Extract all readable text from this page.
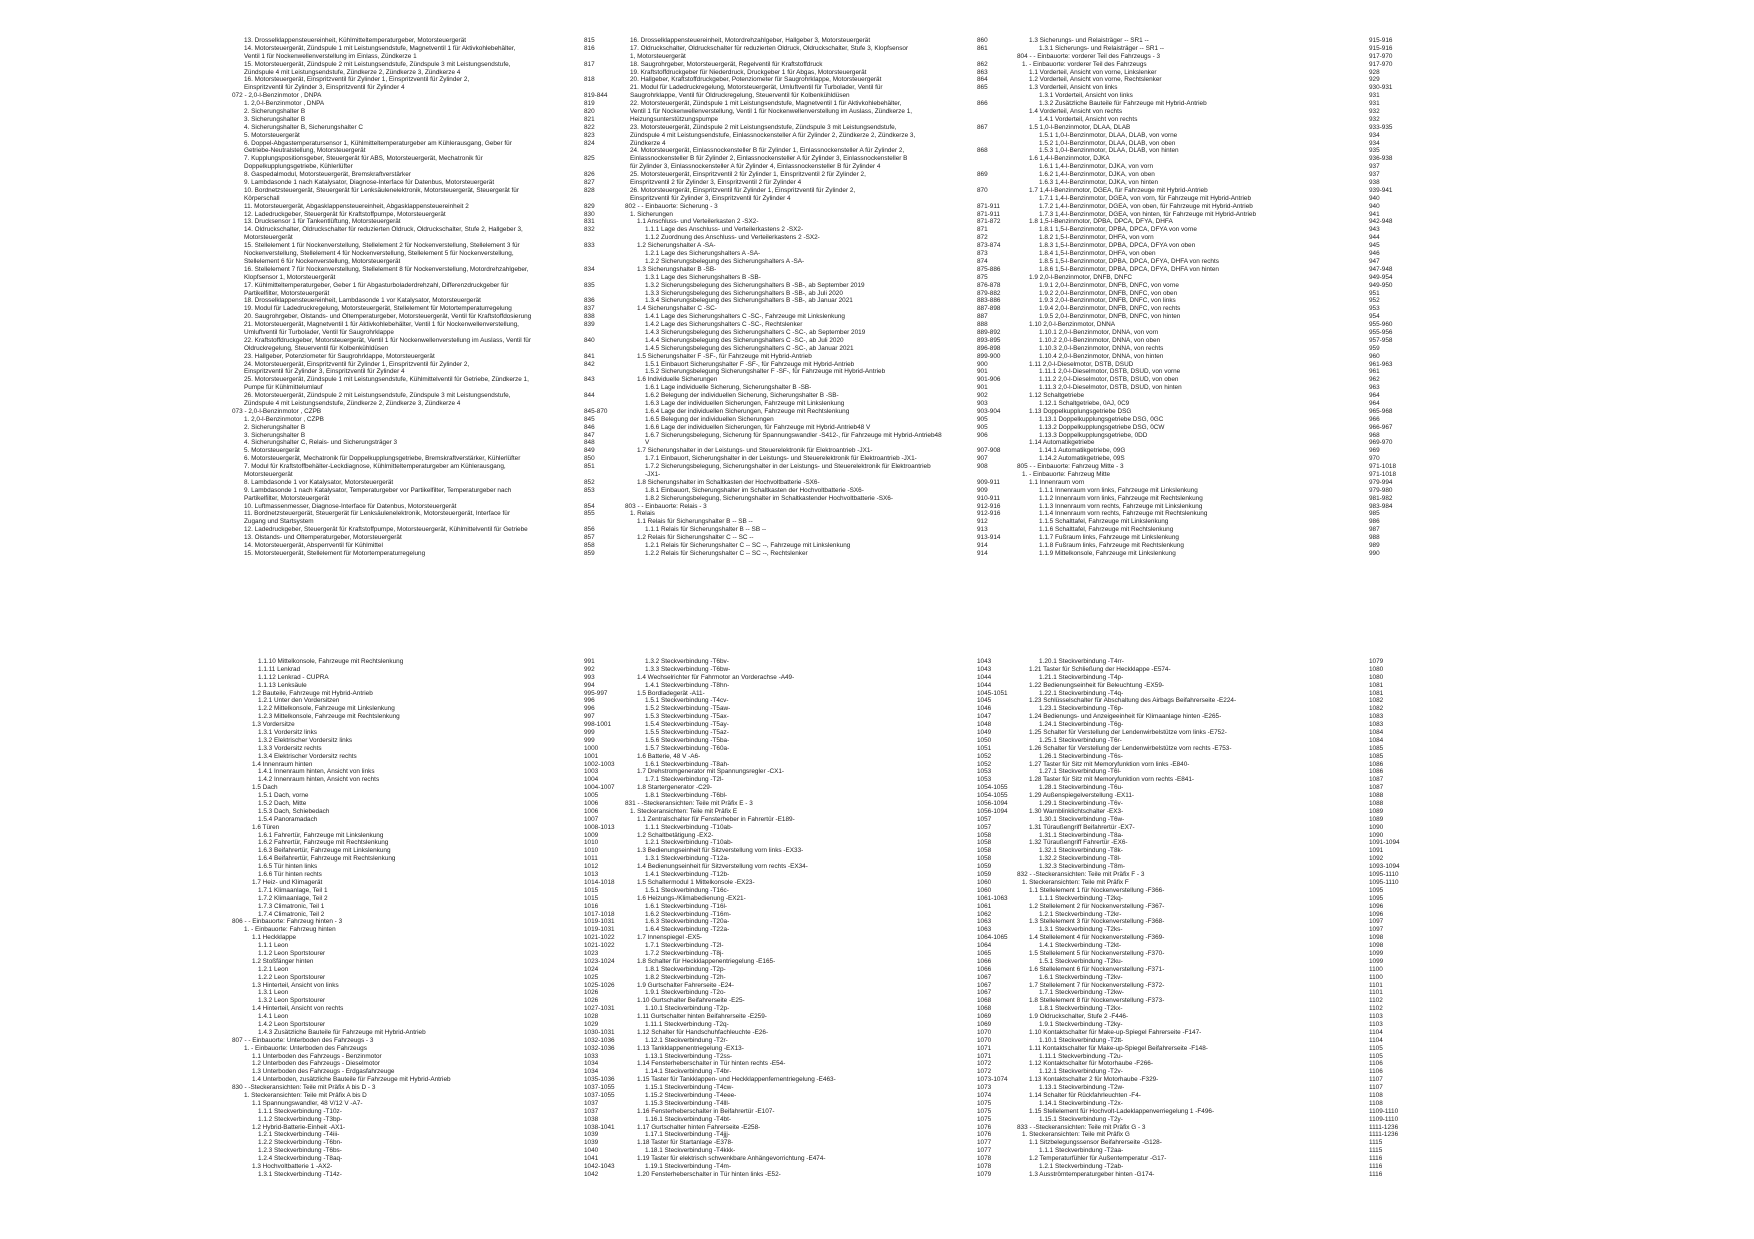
13. Drosselklappensteuereinheit, Kühlmitteltemperaturgeber, Motorsteuergerät	815
14. Motorsteuergerät, Zündspule 1 mit Leistungsendstufe, Magnetventil 1 für Aktivkohlebehälter,	816
Ventil 1 für Nockenwellenverstellung im Einlass, Zündkerze 1
15. Motorsteuergerät, Zündspule 2 mit Leistungsendstufe, Zündspule 3 mit Leistungsendstufe,	817
Zündspule 4 mit Leistungsendstufe, Zündkerze 2, Zündkerze 3, Zündkerze 4
16. Motorsteuergerät, Einspritzventil für Zylinder 1, Einspritzventil für Zylinder 2,	818
Einspritzventil für Zylinder 3, Einspritzventil für Zylinder 4
072 - 2,0-l-Benzinmotor , DNPA	819-844
1. 2,0-l-Benzinmotor , DNPA	819
2. Sicherungshalter B	820
3. Sicherungshalter B	821
4. Sicherungshalter B, Sicherungshalter C	822
5. Motorsteuergerät	823
6. Doppel-Abgastemperatursensor 1, Kühlmitteltemperaturgeber am Kühlerausgang, Geber für	824
Getriebe-Neutralstellung, Motorsteuergerät
7. Kupplungspositionsgeber, Steuergerät für ABS, Motorsteuergerät, Mechatronik für	825
Doppelkupplungsgetriebe, Kühlerlüfter
8. Gaspedalmodul, Motorsteuergerät, Bremskraftverstärker	826
9. Lambdasonde 1 nach Katalysator, Diagnose-Interface für Datenbus, Motorsteuergerät	827
10. Bordnetzsteuergerät, Steuergerät für Lenksäulenelektronik, Motorsteuergerät, Steuergerät für	828
Körperschall
11. Motorsteuergerät, Abgasklappensteuereinheit, Abgasklappensteuereinheit 2	829
12. Ladedruckgeber, Steuergerät für Kraftstoffpumpe, Motorsteuergerät	830
13. Drucksensor 1 für Tankentlüftung, Motorsteuergerät	831
14. Öldruckschalter, Öldruckschalter für reduzierten Öldruck, Öldruckschalter, Stufe 2, Hallgeber 3,	832
Motorsteuergerät
15. Stellelement 1 für Nockenverstellung, Stellelement 2 für Nockenverstellung, Stellelement 3 für	833
Nockenverstellung, Stellelement 4 für Nockenverstellung, Stellelement 5 für Nockenverstellung,
Stellelement 6 für Nockenverstellung, Motorsteuergerät
16. Stellelement 7 für Nockenverstellung, Stellelement 8 für Nockenverstellung, Motordrehzahlgeber,	834
Klopfsensor 1, Motorsteuergerät
17. Kühlmitteltemperaturgeber, Geber 1 für Abgasturboladerdrehzahl, Differenzdruckgeber für	835
Partikelfilter, Motorsteuergerät
18. Drosselklappensteuereinheit, Lambdasonde 1 vor Katalysator, Motorsteuergerät	836
19. Modul für Ladedruckregelung, Motorsteuergerät, Stellelement für Motortemperaturregelung	837
20. Saugrohrgeber, Ölstands- und Öltemperaturgeber, Motorsteuergerät, Ventil für Kraftstoffdosierung	838
21. Motorsteuergerät, Magnetventil 1 für Aktivkohlebehälter, Ventil 1 für Nockenwellenverstellung,	839
Umluftventil für Turbolader, Ventil für Saugrohrklappe
22. Kraftstoffdruckgeber, Motorsteuergerät, Ventil 1 für Nockenwellenverstellung im Auslass, Ventil für	840
Öldruckregelung, Steuerventil für Kolbenkühldüsen
23. Hallgeber, Potenziometer für Saugrohrklappe, Motorsteuergerät	841
24. Motorsteuergerät, Einspritzventil für Zylinder 1, Einspritzventil für Zylinder 2,	842
Einspritzventil für Zylinder 3, Einspritzventil für Zylinder 4
25. Motorsteuergerät, Zündspule 1 mit Leistungsendstufe, Kühlmittelventil für Getriebe, Zündkerze 1,	843
Pumpe für Kühlmittelumlauf
26. Motorsteuergerät, Zündspule 2 mit Leistungsendstufe, Zündspule 3 mit Leistungsendstufe,	844
Zündspule 4 mit Leistungsendstufe, Zündkerze 2, Zündkerze 3, Zündkerze 4
073 - 2,0-l-Benzinmotor , CZPB	845-870
1. 2,0-l-Benzinmotor , CZPB	845
2. Sicherungshalter B	846
3. Sicherungshalter B	847
4. Sicherungshalter C, Relais- und Sicherungsträger 3	848
5. Motorsteuergerät	849
6. Motorsteuergerät, Mechatronik für Doppelkupplungsgetriebe, Bremskraftverstärker, Kühlerlüfter	850
7. Modul für Kraftstoffbehälter-Leckdiagnose, Kühlmitteltemperaturgeber am Kühlerausgang,	851
Motorsteuergerät
8. Lambdasonde 1 vor Katalysator, Motorsteuergerät	852
9. Lambdasonde 1 nach Katalysator, Temperaturgeber vor Partikelfilter, Temperaturgeber nach	853
Partikelfilter, Motorsteuergerät
10. Luftmassenmesser, Diagnose-Interface für Datenbus, Motorsteuergerät	854
11. Bordnetzsteuergerät, Steuergerät für Lenksäulenelektronik, Motorsteuergerät, Interface für	855
Zugang und Startsystem
12. Ladedruckgeber, Steuergerät für Kraftstoffpumpe, Motorsteuergerät, Kühlmittelventil für Getriebe	856
13. Ölstands- und Öltemperaturgeber, Motorsteuergerät	857
14. Motorsteuergerät, Absperrventil für Kühlmittel	858
15. Motorsteuergerät, Stellelement für Motortemperaturregelung	859
16. Drosselklappensteuereinheit, Motordrehzahlgeber, Hallgeber 3, Motorsteuergerät	860
17. Öldruckschalter, Öldruckschalter für reduzierten Öldruck, Öldruckschalter, Stufe 3, Klopfsensor	861
1, Motorsteuergerät
18. Saugrohrgeber, Motorsteuergerät, Regelventil für Kraftstoffdruck	862
19. Kraftstoffdruckgeber für Niederdruck, Druckgeber 1 für Abgas, Motorsteuergerät	863
20. Hallgeber, Kraftstoffdruckgeber, Potenziometer für Saugrohrklappe, Motorsteuergerät	864
21. Modul für Ladedruckregelung, Motorsteuergerät, Umluftventil für Turbolader, Ventil für	865
Saugrohrklappe, Ventil für Öldruckregelung, Steuerventil für Kolbenkühldüsen
22. Motorsteuergerät, Zündspule 1 mit Leistungsendstufe, Magnetventil 1 für Aktivkohlebehälter,	866
Ventil 1 für Nockenwellenverstellung, Ventil 1 für Nockenwellenverstellung im Auslass, Zündkerze 1,
Heizungsunterstützungspumpe
23. Motorsteuergerät, Zündspule 2 mit Leistungsendstufe, Zündspule 3 mit Leistungsendstufe,	867
Zündspule 4 mit Leistungsendstufe, Einlassnockensteller A für Zylinder 2, Zündkerze 2, Zündkerze 3,
Zündkerze 4
24. Motorsteuergerät, Einlassnockensteller B für Zylinder 1, Einlassnockensteller A für Zylinder 2,	868
Einlassnockensteller B für Zylinder 2, Einlassnockensteller A für Zylinder 3, Einlassnockensteller B
für Zylinder 3, Einlassnockensteller A für Zylinder 4, Einlassnockensteller B für Zylinder 4
25. Motorsteuergerät, Einspritzventil 2 für Zylinder 1, Einspritzventil 2 für Zylinder 2,	869
Einspritzventil 2 für Zylinder 3, Einspritzventil 2 für Zylinder 4
26. Motorsteuergerät, Einspritzventil für Zylinder 1, Einspritzventil für Zylinder 2,	870
Einspritzventil für Zylinder 3, Einspritzventil für Zylinder 4
802 - - Einbauorte: Sicherung - 3	871-911
1. Sicherungen	871-911
1.1 Anschluss- und Verteilerkasten 2 -SX2-	871-872
1.1.1 Lage des Anschluss- und Verteilerkastens 2 -SX2-	871
1.1.2 Zuordnung des Anschluss- und Verteilerkastens 2 -SX2-	872
1.2 Sicherungshalter A -SA-	873-874
1.2.1 Lage des Sicherungshalters A -SA-	873
1.2.2 Sicherungsbelegung des Sicherungshalters A -SA-	874
1.3 Sicherungshalter B -SB-	875-886
1.3.1 Lage des Sicherungshalters B -SB-	875
1.3.2 Sicherungsbelegung des Sicherungshalters B -SB-, ab September 2019	876-878
1.3.3 Sicherungsbelegung des Sicherungshalters B -SB-, ab Juli 2020	879-882
1.3.4 Sicherungsbelegung des Sicherungshalters B -SB-, ab Januar 2021	883-886
1.4 Sicherungshalter C -SC-	887-898
1.4.1 Lage des Sicherungshalters C -SC-, Fahrzeuge mit Linkslenkung	887
1.4.2 Lage des Sicherungshalters C -SC-, Rechtslenker	888
1.4.3 Sicherungsbelegung des Sicherungshalters C -SC-, ab September 2019	889-892
1.4.4 Sicherungsbelegung des Sicherungshalters C -SC-, ab Juli 2020	893-895
1.4.5 Sicherungsbelegung des Sicherungshalters C -SC-, ab Januar 2021	896-898
1.5 Sicherungshalter F -SF-, für Fahrzeuge mit Hybrid-Antrieb	899-900
1.5.1 Einbauort Sicherungshalter F -SF-, für Fahrzeuge mit Hybrid-Antrieb	900
1.5.2 Sicherungsbelegung Sicherungshalter F -SF-, für Fahrzeuge mit Hybrid-Antrieb	901
1.6 Individuelle Sicherungen	901-906
1.6.1 Lage individuelle Sicherung, Sicherungshalter B -SB-	901
1.6.2 Belegung der individuellen Sicherung, Sicherungshalter B -SB-	902
1.6.3 Lage der individuellen Sicherungen, Fahrzeuge mit Linkslenkung	903
1.6.4 Lage der individuellen Sicherungen, Fahrzeuge mit Rechtslenkung	903-904
1.6.5 Belegung der individuellen Sicherungen	905
1.6.6 Lage der individuellen Sicherungen, für Fahrzeuge mit Hybrid-Antrieb48 V	905
1.6.7 Sicherungsbelegung, Sicherung für Spannungswandler -S412-, für Fahrzeuge mit Hybrid-Antrieb48	906
V
1.7 Sicherungshalter in der Leistungs- und Steuerelektronik für Elektroantrieb -JX1-	907-908
1.7.1 Einbauort, Sicherungshalter in der Leistungs- und Steuerelektronik für Elektroantrieb -JX1-	907
1.7.2 Sicherungsbelegung, Sicherungshalter in der Leistungs- und Steuerelektronik für Elektroantrieb	908
-JX1-
1.8 Sicherungshalter im Schaltkasten der Hochvoltbatterie -SX6-	909-911
1.8.1 Einbauort, Sicherungshalter im Schaltkasten der Hochvoltbatterie -SX6-	909
1.8.2 Sicherungsbelegung, Sicherungshalter im Schaltkastender Hochvoltbatterie -SX6-	910-911
803 - - Einbauorte: Relais - 3	912-916
1. Relais	912-916
1.1 Relais für Sicherungshalter B -- SB --	912
1.1.1 Relais für Sicherungshalter B -- SB --	913
1.2 Relais für Sicherungshalter C -- SC --	913-914
1.2.1 Relais für Sicherungshalter C -- SC --, Fahrzeuge mit Linkslenkung	914
1.2.2 Relais für Sicherungshalter C -- SC --, Rechtslenker	914
1.3 Sicherungs- und Relaisträger -- SR1 --	915-916
1.3.1 Sicherungs- und Relaisträger -- SR1 --	915-916
804 - - Einbauorte: vorderer Teil des Fahrzeugs - 3	917-970
1. - Einbauorte: vorderer Teil des Fahrzeugs	917-970
1.1 Vorderteil, Ansicht von vorne, Linkslenker	928
1.2 Vorderteil, Ansicht von vorne, Rechtslenker	929
1.3 Vorderteil, Ansicht von links	930-931
1.3.1 Vorderteil, Ansicht von links	931
1.3.2 Zusätzliche Bauteile für Fahrzeuge mit Hybrid-Antrieb	931
1.4 Vorderteil, Ansicht von rechts	932
1.4.1 Vorderteil, Ansicht von rechts	932
1.5 1,0-l-Benzinmotor, DLAA, DLAB	933-935
1.5.1 1,0-l-Benzinmotor, DLAA, DLAB, von vorne	934
1.5.2 1,0-l-Benzinmotor, DLAA, DLAB, von oben	934
1.5.3 1,0-l-Benzinmotor, DLAA, DLAB, von hinten	935
1.6 1,4-l-Benzinmotor, DJKA	936-938
1.6.1 1,4-l-Benzinmotor, DJKA, von vorn	937
1.6.2 1,4-l-Benzinmotor, DJKA, von oben	937
1.6.3 1,4-l-Benzinmotor, DJKA, von hinten	938
1.7 1,4-l-Benzinmotor, DGEA, für Fahrzeuge mit Hybrid-Antrieb	939-941
1.7.1 1,4-l-Benzinmotor, DGEA, von vorn, für Fahrzeuge mit Hybrid-Antrieb	940
1.7.2 1,4-l-Benzinmotor, DGEA, von oben, für Fahrzeuge mit Hybrid-Antrieb	940
1.7.3 1,4-l-Benzinmotor, DGEA, von hinten, für Fahrzeuge mit Hybrid-Antrieb	941
1.8 1,5-l-Benzinmotor, DPBA, DPCA, DFYA, DHFA	942-948
1.8.1 1,5-l-Benzinmotor, DPBA, DPCA, DFYA von vorne	943
1.8.2 1,5-l-Benzinmotor, DHFA, von vorn	944
1.8.3 1,5-l-Benzinmotor, DPBA, DPCA, DFYA von oben	945
1.8.4 1,5-l-Benzinmotor, DHFA, von oben	946
1.8.5 1,5-l-Benzinmotor, DPBA, DPCA, DFYA, DHFA von rechts	947
1.8.6 1,5-l-Benzinmotor, DPBA, DPCA, DFYA, DHFA von hinten	947-948
1.9 2,0-l-Benzinmotor, DNFB, DNFC	949-954
1.9.1 2,0-l-Benzinmotor, DNFB, DNFC, von vorne	949-950
1.9.2 2,0-l-Benzinmotor, DNFB, DNFC, von oben	951
1.9.3 2,0-l-Benzinmotor, DNFB, DNFC, von links	952
1.9.4 2,0-l-Benzinmotor, DNFB, DNFC, von rechts	953
1.9.5 2,0-l-Benzinmotor, DNFB, DNFC, von hinten	954
1.10 2,0-l-Benzinmotor, DNNA	955-960
1.10.1 2,0-l-Benzinmotor, DNNA, von vorn	955-956
1.10.2 2,0-l-Benzinmotor, DNNA, von oben	957-958
1.10.3 2,0-l-Benzinmotor, DNNA, von rechts	959
1.10.4 2,0-l-Benzinmotor, DNNA, von hinten	960
1.11 2,0-l-Dieselmotor, DSTB, DSUD	961-963
1.11.1 2,0-l-Dieselmotor, DSTB, DSUD, von vorne	961
1.11.2 2,0-l-Dieselmotor, DSTB, DSUD, von oben	962
1.11.3 2,0-l-Dieselmotor, DSTB, DSUD, von hinten	963
1.12 Schaltgetriebe	964
1.12.1 Schaltgetriebe, 0AJ, 0C9	964
1.13 Doppelkupplungsgetriebe DSG	965-968
1.13.1 Doppelkupplungsgetriebe DSG, 0GC	966
1.13.2 Doppelkupplungsgetriebe DSG, 0CW	966-967
1.13.3 Doppelkupplungsgetriebe, 0DD	968
1.14 Automatikgetriebe	969-970
1.14.1 Automatikgetriebe, 09G	969
1.14.2 Automatikgetriebe, 09S	970
805 - - Einbauorte: Fahrzeug Mitte - 3	971-1018
1. - Einbauorte: Fahrzeug Mitte	971-1018
1.1 Innenraum vorn	979-994
1.1.1 Innenraum vorn links, Fahrzeuge mit Linkslenkung	979-980
1.1.2 Innenraum vorn links, Fahrzeuge mit Rechtslenkung	981-982
1.1.3 Innenraum vorn rechts, Fahrzeuge mit Linkslenkung	983-984
1.1.4 Innenraum vorn rechts, Fahrzeuge mit Rechtslenkung	985
1.1.5 Schalttafel, Fahrzeuge mit Linkslenkung	986
1.1.6 Schalttafel, Fahrzeuge mit Rechtslenkung	987
1.1.7 Fußraum links, Fahrzeuge mit Linkslenkung	988
1.1.8 Fußraum links, Fahrzeuge mit Rechtslenkung	989
1.1.9 Mittelkonsole, Fahrzeuge mit Linkslenkung	990
1.1.10 Mittelkonsole, Fahrzeuge mit Rechtslenkung	991
1.1.11 Lenkrad	992
1.1.12 Lenkrad - CUPRA	993
1.1.13 Lenksäule	994
1.2 Bauteile, Fahrzeuge mit Hybrid-Antrieb	995-997
1.2.1 Unter den Vordersitzen	996
1.2.2 Mittelkonsole, Fahrzeuge mit Linkslenkung	996
1.2.3 Mittelkonsole, Fahrzeuge mit Rechtslenkung	997
1.3 Vordersitze	998-1001
1.3.1 Vordersitz links	999
1.3.2 Elektrischer Vordersitz links	999
1.3.3 Vordersitz rechts	1000
1.3.4 Elektrischer Vordersitz rechts	1001
1.4 Innenraum hinten	1002-1003
1.4.1 Innenraum hinten, Ansicht von links	1003
1.4.2 Innenraum hinten, Ansicht von rechts	1004
1.5 Dach	1004-1007
1.5.1 Dach, vorne	1005
1.5.2 Dach, Mitte	1006
1.5.3 Dach, Schiebedach	1006
1.5.4 Panoramadach	1007
1.6 Türen	1008-1013
1.6.1 Fahrertür, Fahrzeuge mit Linkslenkung	1009
1.6.2 Fahrertür, Fahrzeuge mit Rechtslenkung	1010
1.6.3 Beifahrertür, Fahrzeuge mit Linkslenkung	1010
1.6.4 Beifahrertür, Fahrzeuge mit Rechtslenkung	1011
1.6.5 Tür hinten links	1012
1.6.6 Tür hinten rechts	1013
1.7 Heiz- und Klimagerät	1014-1018
1.7.1 Klimaanlage, Teil 1	1015
1.7.2 Klimaanlage, Teil 2	1015
1.7.3 Climatronic, Teil 1	1016
1.7.4 Climatronic, Teil 2	1017-1018
806 - - Einbauorte: Fahrzeug hinten - 3	1019-1031
1. - Einbauorte: Fahrzeug hinten	1019-1031
1.1 Heckklappe	1021-1022
1.1.1 Leon	1021-1022
1.1.2 Leon Sportstourer	1023
1.2 Stoßfänger hinten	1023-1024
1.2.1 Leon	1024
1.2.2 Leon Sportstourer	1025
1.3 Hinterteil, Ansicht von links	1025-1026
1.3.1 Leon	1026
1.3.2 Leon Sportstourer	1026
1.4 Hinterteil, Ansicht von rechts	1027-1031
1.4.1 Leon	1028
1.4.2 Leon Sportstourer	1029
1.4.3 Zusätzliche Bauteile für Fahrzeuge mit Hybrid-Antrieb	1030-1031
807 - - Einbauorte: Unterboden des Fahrzeugs - 3	1032-1036
1. - Einbauorte: Unterboden des Fahrzeugs	1032-1036
1.1 Unterboden des Fahrzeugs - Benzinmotor	1033
1.2 Unterboden des Fahrzeugs - Dieselmotor	1034
1.3 Unterboden des Fahrzeugs - Erdgasfahrzeuge	1034
1.4 Unterboden, zusätzliche Bauteile für Fahrzeuge mit Hybrid-Antrieb	1035-1036
830 - -Steckeransichten: Teile mit Präfix A bis D - 3	1037-1055
1. Steckeransichten: Teile mit Präfix A bis D	1037-1055
1.1 Spannungswandler, 48 V/12 V -A7-	1037
1.1.1 Steckverbindung -T10z-	1037
1.1.2 Steckverbindung -T3bp-	1038
1.2 Hybrid-Batterie-Einheit -AX1-	1038-1041
1.2.1 Steckverbindung -T4iii-	1039
1.2.2 Steckverbindung -T6bn-	1039
1.2.3 Steckverbindung -T6bs-	1040
1.2.4 Steckverbindung -T8aq-	1041
1.3 Hochvoltbatterie 1 -AX2-	1042-1043
1.3.1 Steckverbindung -T14z-	1042
1.3.2 Steckverbindung -T6bv-	1043
1.3.3 Steckverbindung -T6bw-	1043
1.4 Wechselrichter für Fahrmotor an Vorderachse -A49-	1044
1.4.1 Steckverbindung -T8hn-	1044
1.5 Bordladegerät -A11-	1045-1051
1.5.1 Steckverbindung -T4cv-	1045
1.5.2 Steckverbindung -T5aw-	1046
1.5.3 Steckverbindung -T5ax-	1047
1.5.4 Steckverbindung -T5ay-	1048
1.5.5 Steckverbindung -T5az-	1049
1.5.6 Steckverbindung -T5ba-	1050
1.5.7 Steckverbindung -T60a-	1051
1.6 Batterie, 48 V -A6-	1052
1.6.1 Steckverbindung -T8ah-	1052
1.7 Drehstromgenerator mit Spannungsregler -CX1-	1053
1.7.1 Steckverbindung -T2l-	1053
1.8 Startergenerator -C29-	1054-1055
1.8.1 Steckverbindung -T6bl-	1054-1055
831 - -Steckeransichten: Teile mit Präfix E - 3	1056-1094
1. Steckeransichten: Teile mit Präfix E	1056-1094
1.1 Zentralschalter für Fensterheber in Fahrertür -E189-	1057
1.1.1 Steckverbindung -T10ab-	1057
1.2 Schaltbetätigung -EX2-	1058
1.2.1 Steckverbindung -T10ab-	1058
1.3 Bedienungseinheit für Sitzverstellung vorn links -EX33-	1058
1.3.1 Steckverbindung -T12a-	1058
1.4 Bedienungseinheit für Sitzverstellung vorn rechts -EX34-	1059
1.4.1 Steckverbindung -T12b-	1059
1.5 Schaltermodul 1 Mittelkonsole -EX23-	1060
1.5.1 Steckverbindung -T16c-	1060
1.6 Heizungs-/Klimabedienung -EX21-	1061-1063
1.6.1 Steckverbindung -T16l-	1061
1.6.2 Steckverbindung -T16m-	1062
1.6.3 Steckverbindung -T20a-	1063
1.6.4 Steckverbindung -T22a-	1063
1.7 Innenspiegel -EX5-	1064-1065
1.7.1 Steckverbindung -T2l-	1064
1.7.2 Steckverbindung -T8j-	1065
1.8 Schalter für Heckklappenentriegelung -E165-	1066
1.8.1 Steckverbindung -T2p-	1066
1.8.2 Steckverbindung -T2h-	1067
1.9 Gurtschalter Fahrerseite -E24-	1067
1.9.1 Steckverbindung -T2o-	1067
1.10 Gurtschalter Beifahrerseite -E25-	1068
1.10.1 Steckverbindung -T2p-	1068
1.11 Gurtschalter hinten Beifahrerseite -E259-	1069
1.11.1 Steckverbindung -T2q-	1069
1.12 Schalter für Handschuhfachleuchte -E26-	1070
1.12.1 Steckverbindung -T2r-	1070
1.13 Tankklappenentriegelung -EX13-	1071
1.13.1 Steckverbindung -T2ss-	1071
1.14 Fensterheberschalter in Tür hinten rechts -E54-	1072
1.14.1 Steckverbindung -T4br-	1072
1.15 Taster für Tankklappen- und Heckklappenfernentriegelung -E463-	1073-1074
1.15.1 Steckverbindung -T4cw-	1073
1.15.2 Steckverbindung -T4eee-	1074
1.15.3 Steckverbindung -T4lll-	1075
1.16 Fensterheberschalter in Beifahrertür -E107-	1075
1.16.1 Steckverbindung -T4bt-	1075
1.17 Gurtschalter hinten Fahrerseite -E258-	1076
1.17.1 Steckverbindung -T4jjj-	1076
1.18 Taster für Startanlage -E378-	1077
1.18.1 Steckverbindung -T4kkk-	1077
1.19 Taster für elektrisch schwenkbare Anhängevorrichtung -E474-	1078
1.19.1 Steckverbindung -T4m-	1078
1.20 Fensterheberschalter in Tür hinten links -E52-	1079
1.20.1 Steckverbindung -T4rr-	1079
1.21 Taster für Schließung der Heckklappe -E574-	1080
1.21.1 Steckverbindung -T4p-	1080
1.22 Bedienungseinheit für Beleuchtung -EX59-	1081
1.22.1 Steckverbindung -T4q-	1081
1.23 Schlüsselschalter für Abschaltung des Airbags Beifahrerseite -E224-	1082
1.23.1 Steckverbindung -T6p-	1082
1.24 Bedienungs- und Anzeigeeinheit für Klimaanlage hinten -E265-	1083
1.24.1 Steckverbindung -T6g-	1083
1.25 Schalter für Verstellung der Lendenwirbelstütze vorn links -E752-	1084
1.25.1 Steckverbindung -T6r-	1084
1.26 Schalter für Verstellung der Lendenwirbelstütze vorn rechts -E753-	1085
1.26.1 Steckverbindung -T6s-	1085
1.27 Taster für Sitz mit Memoryfunktion vorn links -E840-	1086
1.27.1 Steckverbindung -T6l-	1086
1.28 Taster für Sitz mit Memoryfunktion vorn rechts -E841-	1087
1.28.1 Steckverbindung -T6u-	1087
1.29 Außenspiegelverstellung -EX11-	1088
1.29.1 Steckverbindung -T6v-	1088
1.30 Warnblinklichtschalter -EX3-	1089
1.30.1 Steckverbindung -T6w-	1089
1.31 Türaußengriff Beifahrertür -EX7-	1090
1.31.1 Steckverbindung -T8a-	1090
1.32 Türaußengriff Fahrertür -EX6-	1091-1094
1.32.1 Steckverbindung -T8k-	1091
1.32.2 Steckverbindung -T8l-	1092
1.32.3 Steckverbindung -T8m-	1093-1094
832 - -Steckeransichten: Teile mit Präfix F - 3	1095-1110
1. Steckeransichten: Teile mit Präfix F	1095-1110
1.1 Stellelement 1 für Nockenverstellung -F366-	1095
1.1.1 Steckverbindung -T2kq-	1095
1.2 Stellelement 2 für Nockenverstellung -F367-	1096
1.2.1 Steckverbindung -T2kr-	1096
1.3 Stellelement 3 für Nockenverstellung -F368-	1097
1.3.1 Steckverbindung -T2ks-	1097
1.4 Stellelement 4 für Nockenverstellung -F369-	1098
1.4.1 Steckverbindung -T2kt-	1098
1.5 Stellelement 5 für Nockenverstellung -F370-	1099
1.5.1 Steckverbindung -T2ku-	1099
1.6 Stellelement 6 für Nockenverstellung -F371-	1100
1.6.1 Steckverbindung -T2kv-	1100
1.7 Stellelement 7 für Nockenverstellung -F372-	1101
1.7.1 Steckverbindung -T2kw-	1101
1.8 Stellelement 8 für Nockenverstellung -F373-	1102
1.8.1 Steckverbindung -T2kx-	1102
1.9 Öldruckschalter, Stufe 2 -F446-	1103
1.9.1 Steckverbindung -T2ky-	1103
1.10 Kontaktschalter für Make-up-Spiegel Fahrerseite -F147-	1104
1.10.1 Steckverbindung -T2tt-	1104
1.11 Kontaktschalter für Make-up-Spiegel Beifahrerseite -F148-	1105
1.11.1 Steckverbindung -T2u-	1105
1.12 Kontaktschalter für Motorhaube -F266-	1106
1.12.1 Steckverbindung -T2v-	1106
1.13 Kontaktschalter 2 für Motorhaube -F329-	1107
1.13.1 Steckverbindung -T2w-	1107
1.14 Schalter für Rückfahrleuchten -F4-	1108
1.14.1 Steckverbindung -T2x-	1108
1.15 Stellelement für Hochvolt-Ladeklappenverriegelung 1 -F496-	1109-1110
1.15.1 Steckverbindung -T2y-	1109-1110
833 - -Steckeransichten: Teile mit Präfix G - 3	1111-1236
1. Steckeransichten: Teile mit Präfix G	1111-1236
1.1 Sitzbelegungssensor Beifahrerseite -G128-	1115
1.1.1 Steckverbindung -T2aa-	1115
1.2 Temperaturfühler für Außentemperatur -G17-	1116
1.2.1 Steckverbindung -T2ab-	1116
1.3 Ausströmtemperaturgeber hinten -G174-	1116
